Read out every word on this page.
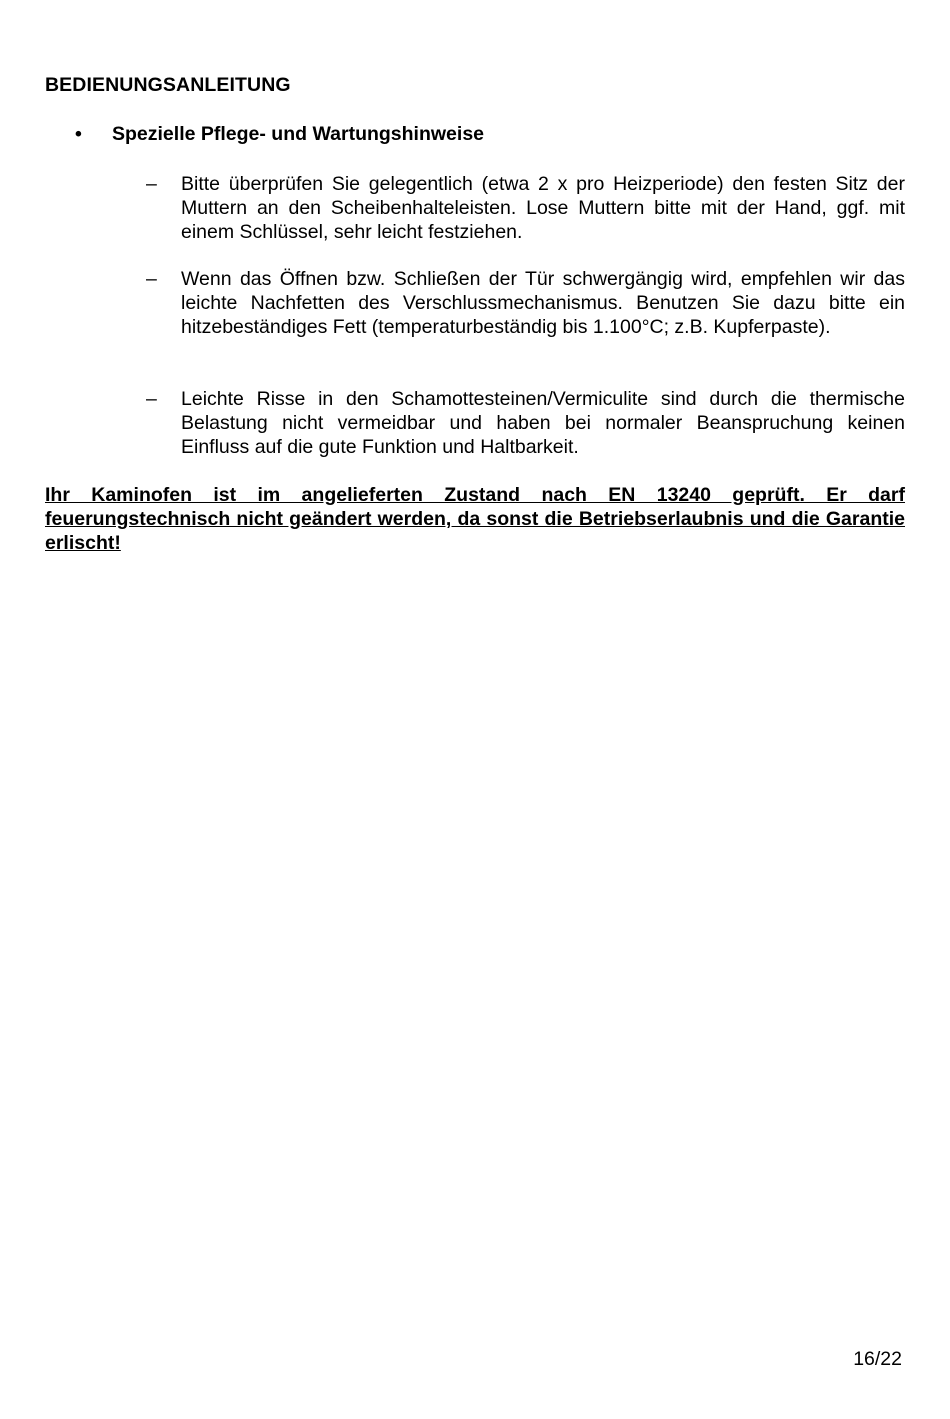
BEDIENUNGSANLEITUNG
•	Spezielle Pflege- und Wartungshinweise
–	Bitte überprüfen Sie gelegentlich (etwa 2 x pro Heizperiode) den festen Sitz der Muttern an den Scheibenhalteleisten. Lose Muttern bitte mit der Hand, ggf. mit einem Schlüssel, sehr leicht festziehen.
–	Wenn das Öffnen bzw. Schließen der Tür schwergängig wird, empfehlen wir das leichte Nachfetten des Verschlussmechanismus. Benutzen Sie dazu bitte ein hitzebeständiges Fett (temperaturbeständig bis 1.100°C; z.B. Kupferpaste).
–	Leichte Risse in den Schamottesteinen/Vermiculite sind durch die thermische Belastung nicht vermeidbar und haben bei normaler Beanspruchung keinen Einfluss auf die gute Funktion und Haltbarkeit.
Ihr Kaminofen ist im angelieferten Zustand nach EN 13240 geprüft. Er darf feuerungstechnisch nicht geändert werden, da sonst die Betriebserlaubnis und die Garantie erlischt!
16/22
